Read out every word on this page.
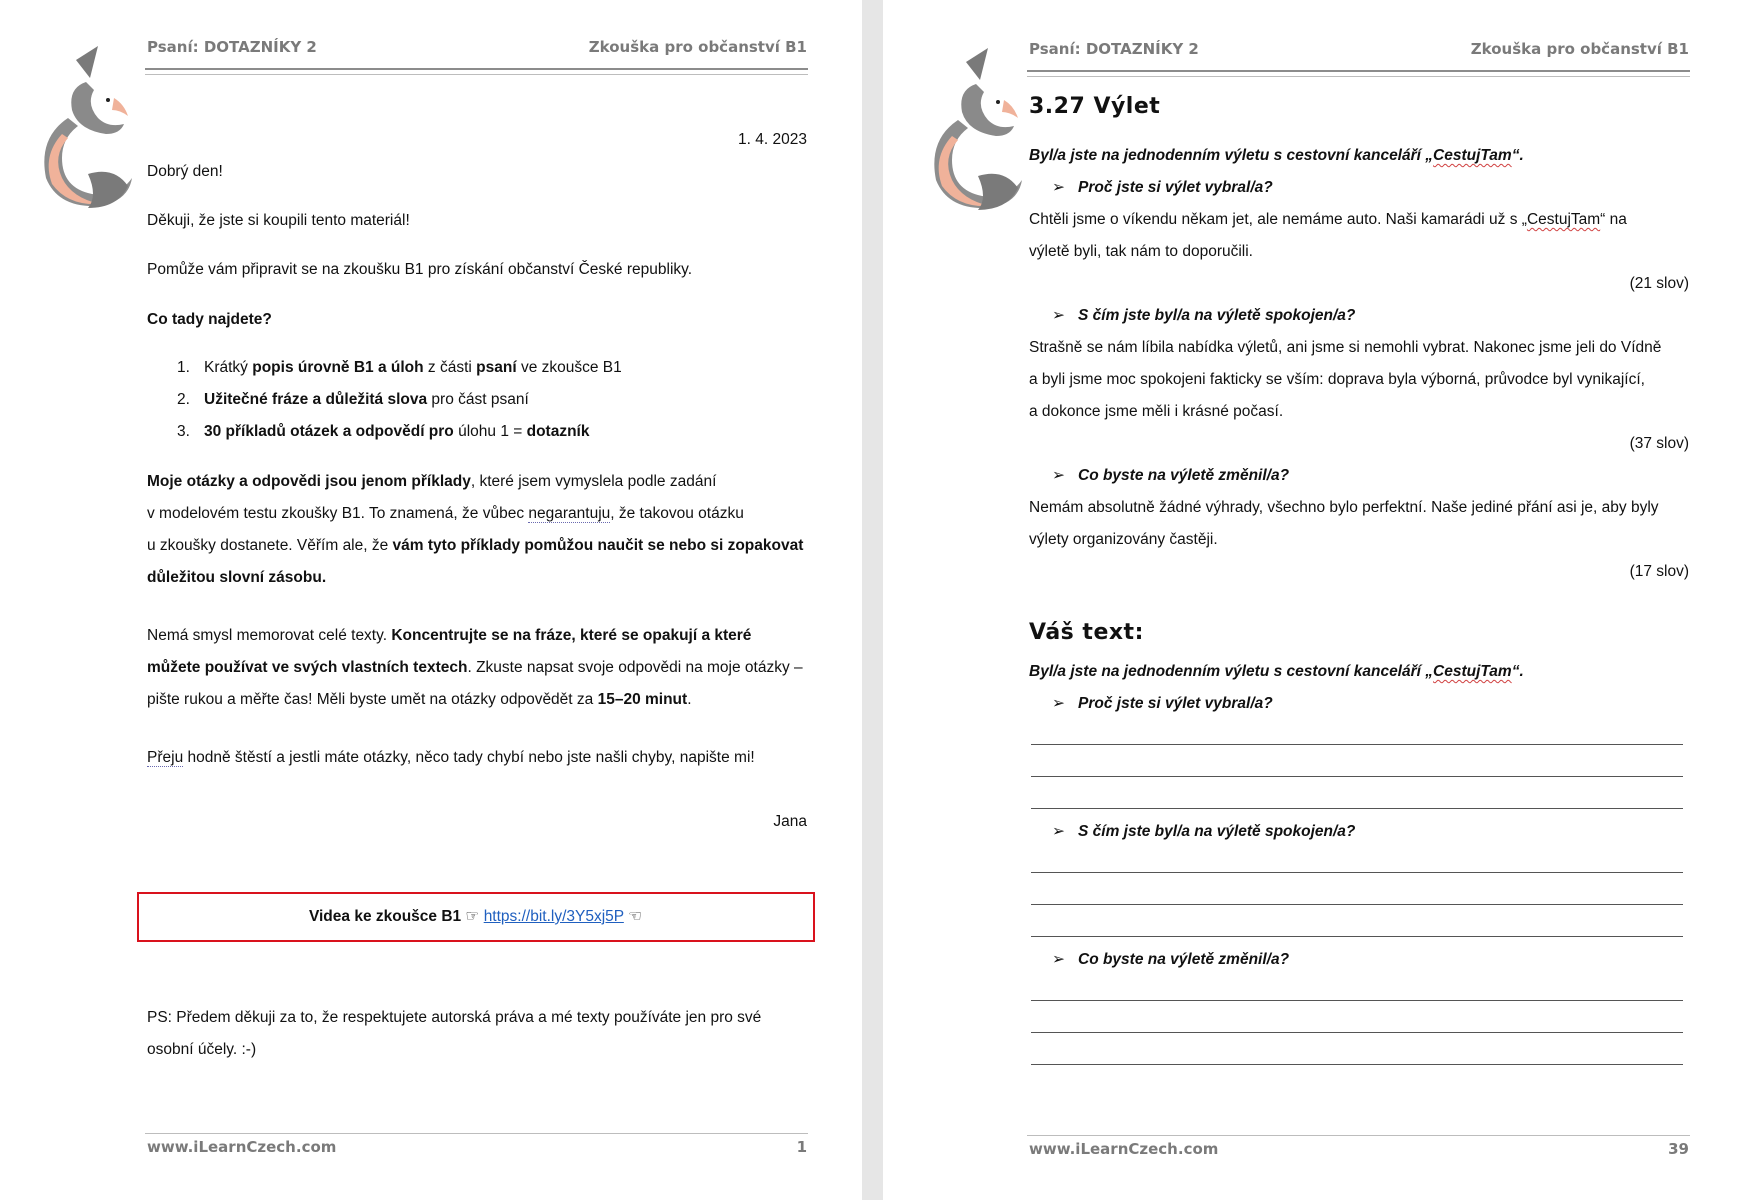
Psaní: DOTAZNÍKY 2	Zkouška pro občanství B1
1. 4. 2023
Dobrý den!
Děkuji, že jste si koupili tento materiál!
Pomůže vám připravit se na zkoušku B1 pro získání občanství České republiky.
Co tady najdete?
1. Krátký popis úrovně B1 a úloh z části psaní ve zkoušce B1
2. Užitečné fráze a důležitá slova pro část psaní
3. 30 příkladů otázek a odpovědí pro úlohu 1 = dotazník
Moje otázky a odpovědi jsou jenom příklady, které jsem vymyslela podle zadání
v modelovém testu zkoušky B1. To znamená, že vůbec negarantuju, že takovou otázku
u zkoušky dostanete. Věřím ale, že vám tyto příklady pomůžou naučit se nebo si zopakovat
důležitou slovní zásobu.
Nemá smysl memorovat celé texty. Koncentrujte se na fráze, které se opakují a které
můžete používat ve svých vlastních textech. Zkuste napsat svoje odpovědi na moje otázky –
pište rukou a měřte čas! Měli byste umět na otázky odpovědět za 15–20 minut.
Přeju hodně štěstí a jestli máte otázky, něco tady chybí nebo jste našli chyby, napište mi!
Jana
Videa ke zkoušce B1 ☞ https://bit.ly/3Y5xj5P ☜
PS: Předem děkuji za to, že respektujete autorská práva a mé texty používáte jen pro své
osobní účely. :-)
www.iLearnCzech.com	1
Psaní: DOTAZNÍKY 2	Zkouška pro občanství B1
3.27 Výlet
Byl/a jste na jednodenním výletu s cestovní kanceláří „CestujTam“.
➢ Proč jste si výlet vybral/a?
Chtěli jsme o víkendu někam jet, ale nemáme auto. Naši kamarádi už s „CestujTam“ na
výletě byli, tak nám to doporučili.
(21 slov)
➢ S čím jste byl/a na výletě spokojen/a?
Strašně se nám líbila nabídka výletů, ani jsme si nemohli vybrat. Nakonec jsme jeli do Vídně
a byli jsme moc spokojeni fakticky se vším: doprava byla výborná, průvodce byl vynikající,
a dokonce jsme měli i krásné počasí.
(37 slov)
➢ Co byste na výletě změnil/a?
Nemám absolutně žádné výhrady, všechno bylo perfektní. Naše jediné přání asi je, aby byly
výlety organizovány častěji.
(17 slov)
Váš text:
Byl/a jste na jednodenním výletu s cestovní kanceláří „CestujTam“.
➢ Proč jste si výlet vybral/a?
➢ S čím jste byl/a na výletě spokojen/a?
➢ Co byste na výletě změnil/a?
www.iLearnCzech.com	39
